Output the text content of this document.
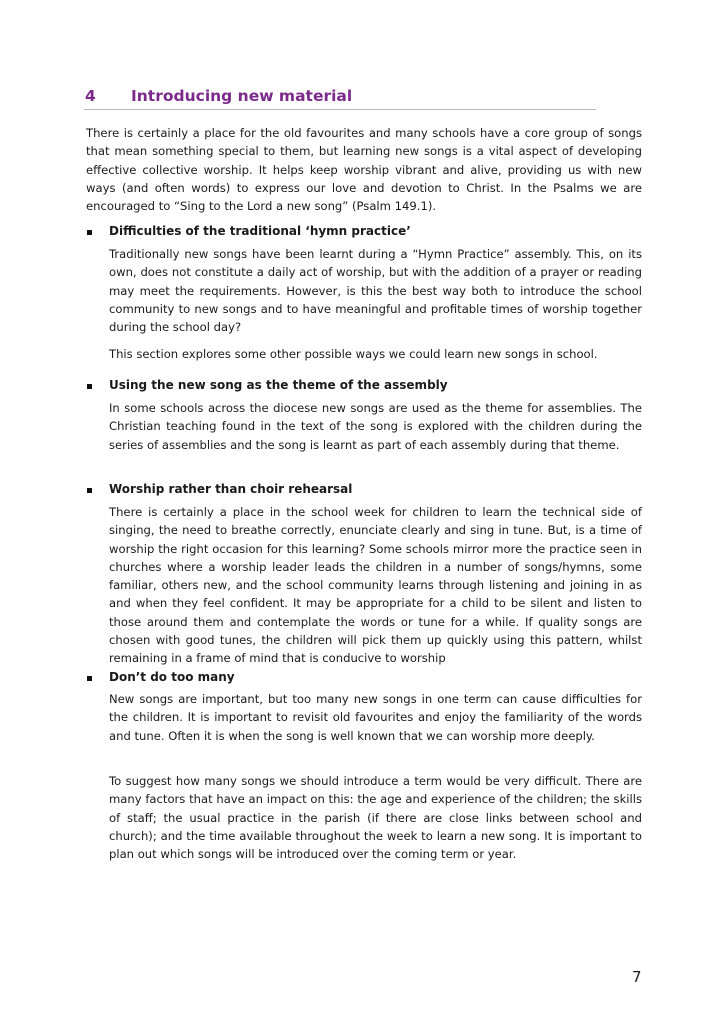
4 Introducing new material

There is certainly a place for the old favourites and many schools have a core group of songs that mean something special to them, but learning new songs is a vital aspect of developing effective collective worship. It helps keep worship vibrant and alive, providing us with new ways (and often words) to express our love and devotion to Christ. In the Psalms we are encouraged to “Sing to the Lord a new song” (Psalm 149.1).

Difficulties of the traditional ‘hymn practice’

Traditionally new songs have been learnt during a “Hymn Practice” assembly. This, on its own, does not constitute a daily act of worship, but with the addition of a prayer or reading may meet the requirements. However, is this the best way both to introduce the school community to new songs and to have meaningful and profitable times of worship together during the school day?

This section explores some other possible ways we could learn new songs in school.

Using the new song as the theme of the assembly

In some schools across the diocese new songs are used as the theme for assemblies. The Christian teaching found in the text of the song is explored with the children during the series of assemblies and the song is learnt as part of each assembly during that theme.

Worship rather than choir rehearsal

There is certainly a place in the school week for children to learn the technical side of singing, the need to breathe correctly, enunciate clearly and sing in tune. But, is a time of worship the right occasion for this learning? Some schools mirror more the practice seen in churches where a worship leader leads the children in a number of songs/hymns, some familiar, others new, and the school community learns through listening and joining in as and when they feel confident. It may be appropriate for a child to be silent and listen to those around them and contemplate the words or tune for a while. If quality songs are chosen with good tunes, the children will pick them up quickly using this pattern, whilst remaining in a frame of mind that is conducive to worship

Don’t do too many

New songs are important, but too many new songs in one term can cause difficulties for the children. It is important to revisit old favourites and enjoy the familiarity of the words and tune. Often it is when the song is well known that we can worship more deeply.

To suggest how many songs we should introduce a term would be very difficult. There are many factors that have an impact on this: the age and experience of the children; the skills of staff; the usual practice in the parish (if there are close links between school and church); and the time available throughout the week to learn a new song. It is important to plan out which songs will be introduced over the coming term or year.

7
